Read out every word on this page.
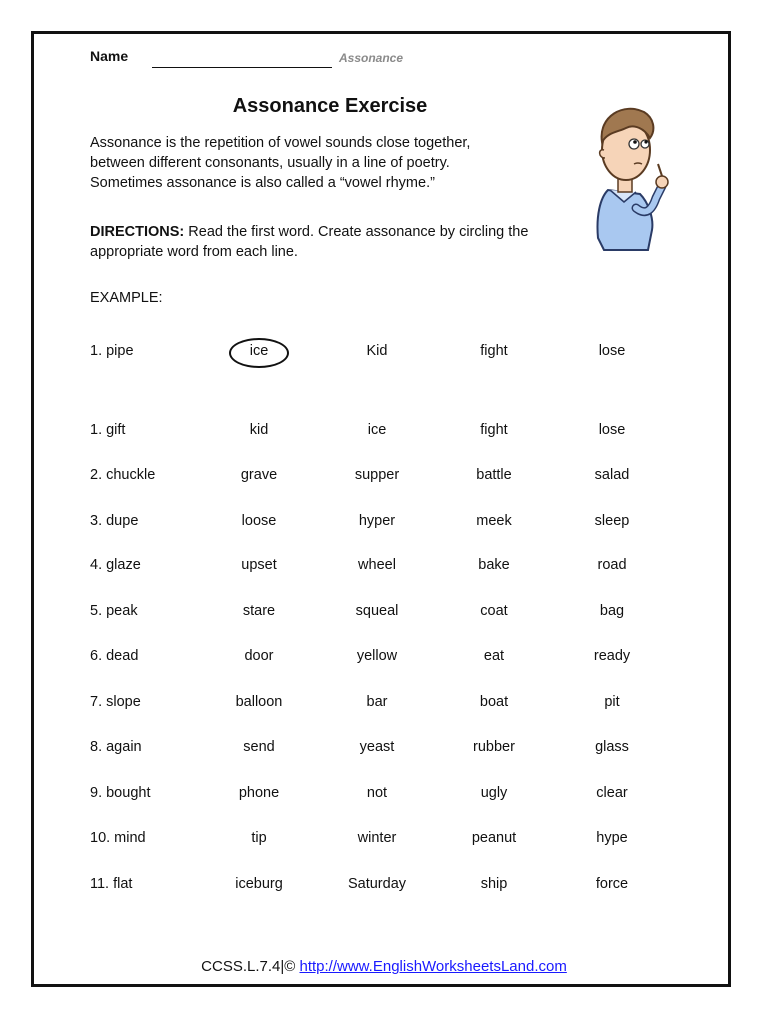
Name	Assonance
Assonance Exercise

Assonance is the repetition of vowel sounds close together,

between different consonants, usually in a line of poetry.

Sometimes assonance is also called a “vowel rhyme.”

DIRECTIONS: Read the first word. Create assonance by circling the appropriate word from each line.
EXAMPLE:
1. pipe	ice	Kid	fight	lose
1. gift	kid	ice	fight	lose
2. chuckle	grave	supper	battle	salad
3. dupe	loose	hyper	meek	sleep
4. glaze	upset	wheel	bake	road
5. peak	stare	squeal	coat	bag
6. dead	door	yellow	eat	ready
7. slope	balloon	bar	boat	pit
8. again	send	yeast	rubber	glass
9. bought	phone	not	ugly	clear
10. mind	tip	winter	peanut	hype
11. flat	iceburg	Saturday	ship	force
CCSS.L.7.4|© http://www.EnglishWorksheetsLand.com
